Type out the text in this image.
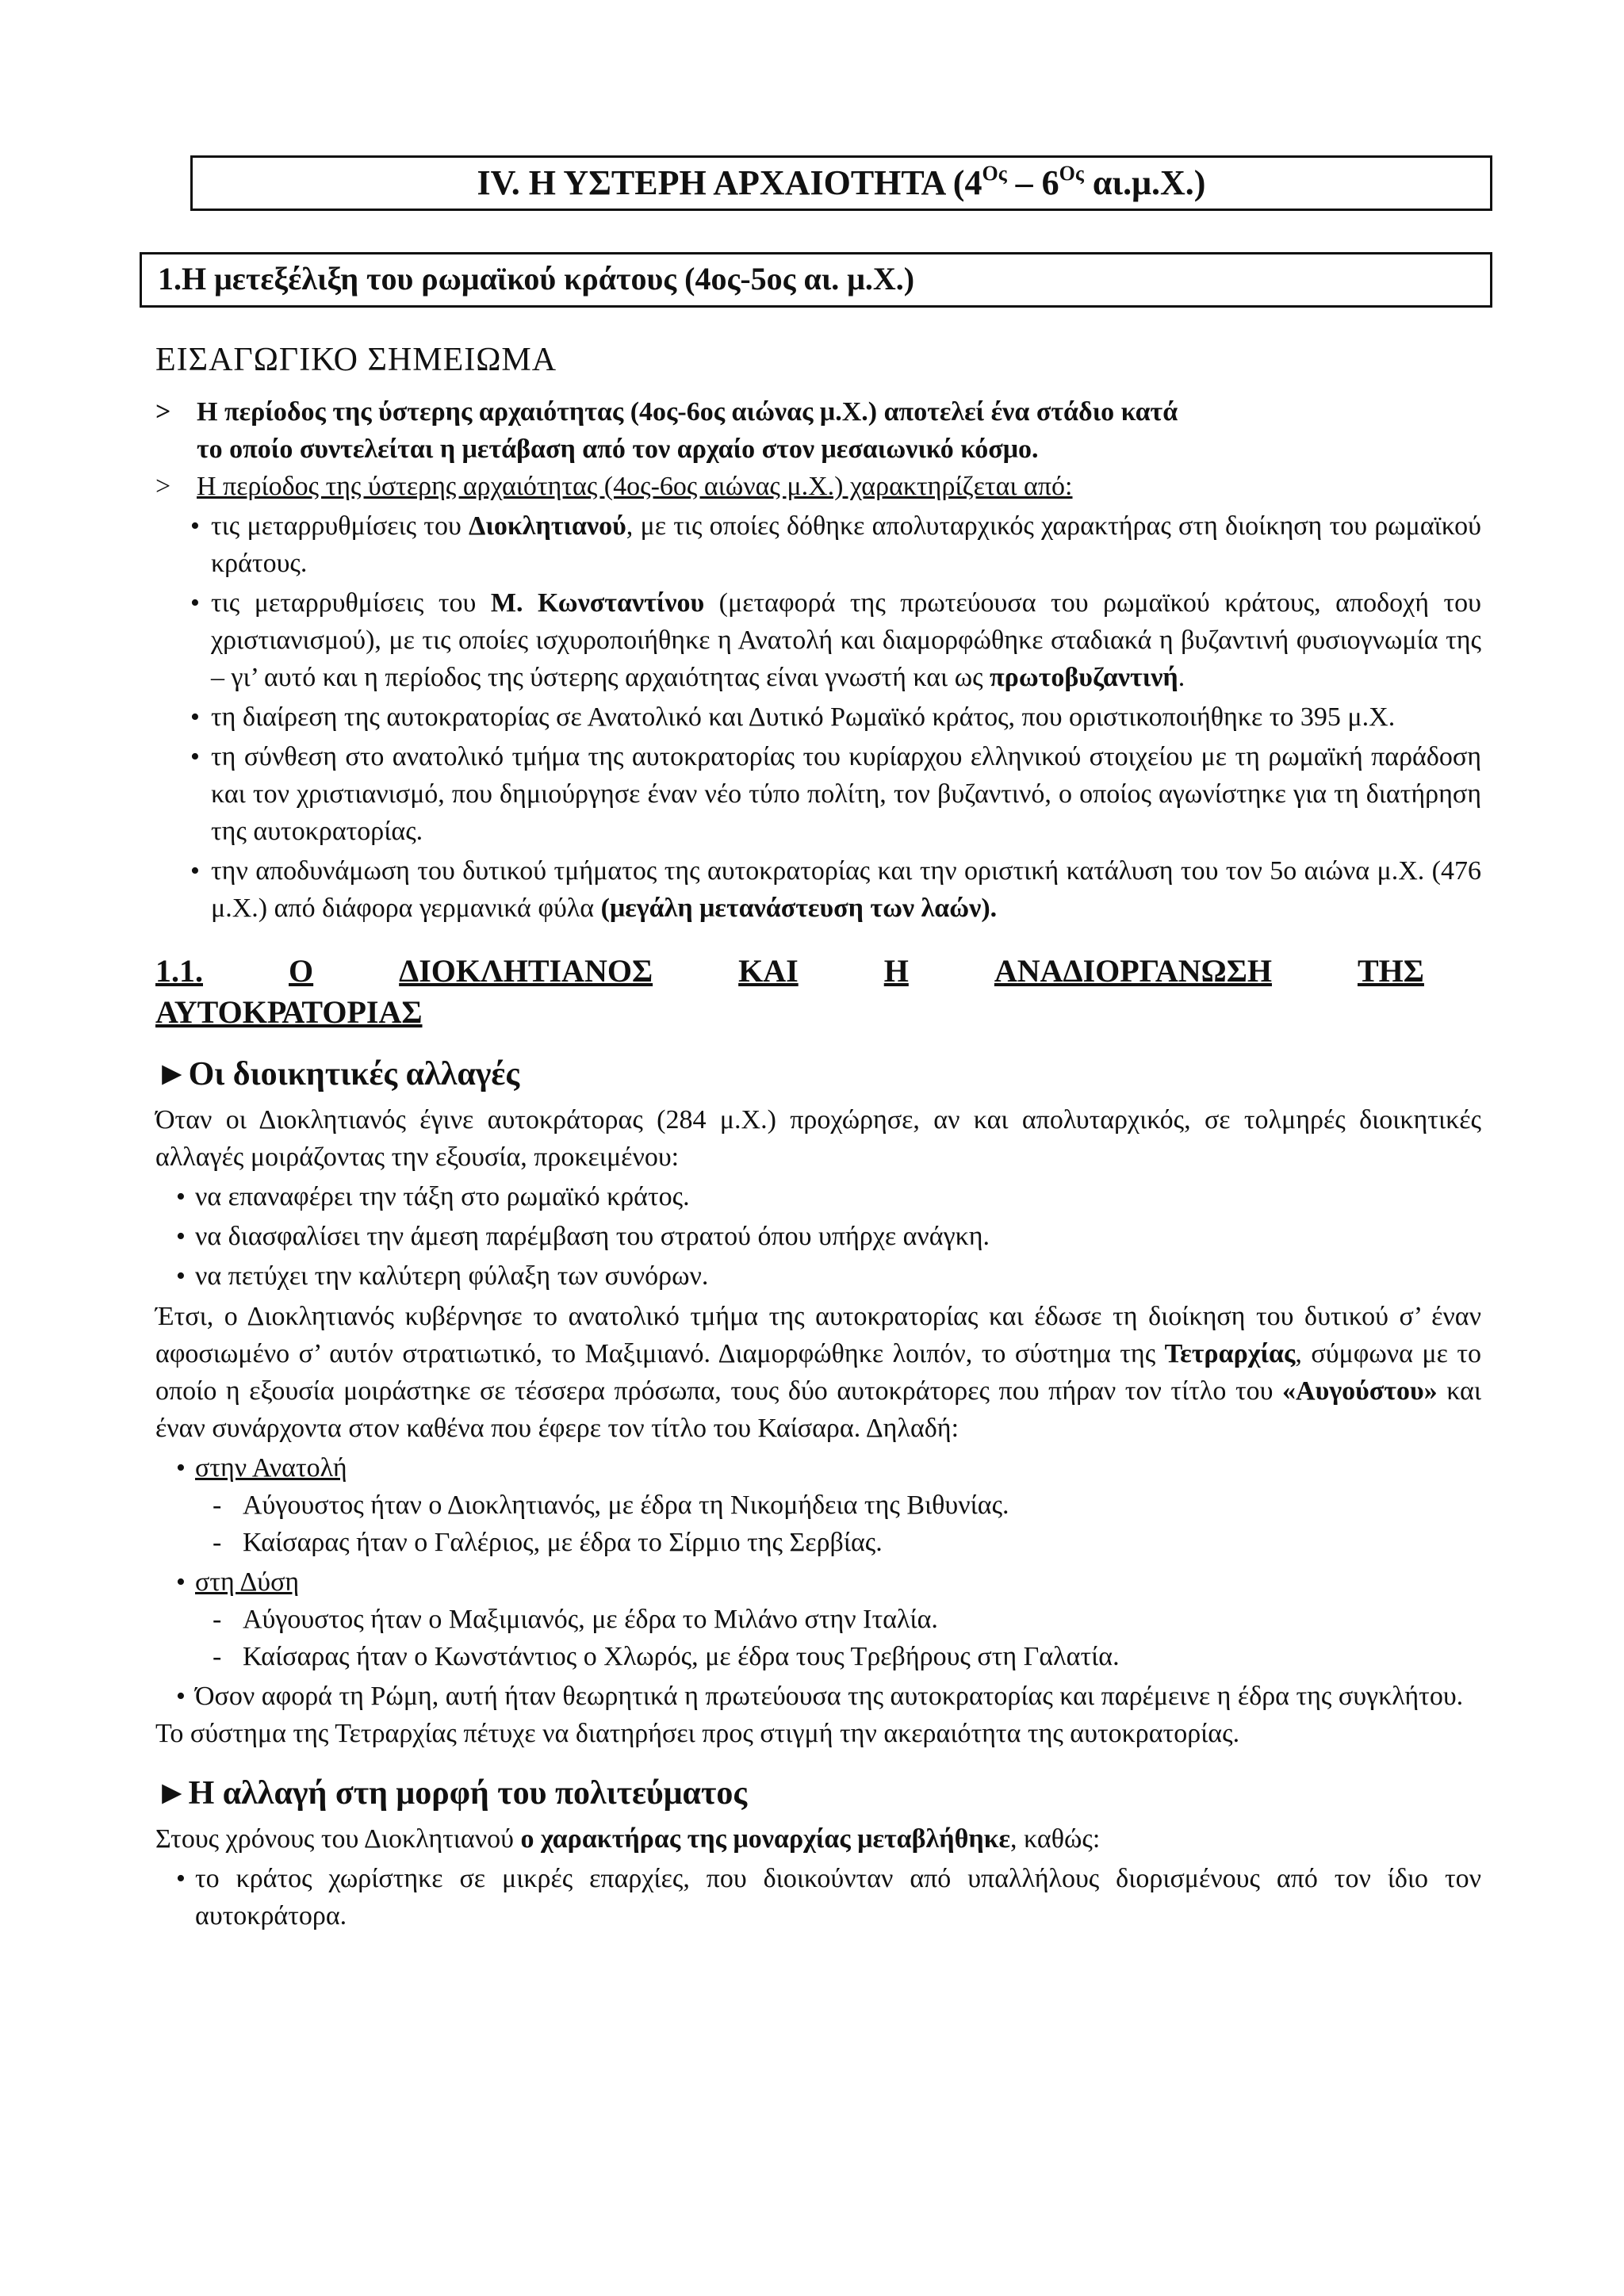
IV. Η ΥΣΤΕΡΗ ΑΡΧΑΙΟΤΗΤΑ ($4^{O\varsigma} - 6^{O\varsigma}$ αι.μ.Χ.)
1.Η μετεξέλιξη του ρωμαϊκού κράτους (4ος-5ος αι. μ.Χ.)
ΕΙΣΑΓΩΓΙΚΟ ΣΗΜΕΙΩΜΑ
> Η περίοδος της ύστερης αρχαιότητας (4ος-6ος αιώνας μ.Χ.) αποτελεί ένα στάδιο κατά
το οποίο συντελείται η μετάβαση από τον αρχαίο στον μεσαιωνικό κόσμο.
> Η περίοδος της ύστερης αρχαιότητας (4ος-6ος αιώνας μ.Χ.) χαρακτηρίζεται από:
• τις μεταρρυθμίσεις του Διοκλητιανού, με τις οποίες δόθηκε απολυταρχικός χαρακτήρας στη διοίκηση του ρωμαϊκού κράτους.
• τις μεταρρυθμίσεις του Μ. Κωνσταντίνου (μεταφορά της πρωτεύουσα του ρωμαϊκού κράτους, αποδοχή του χριστιανισμού), με τις οποίες ισχυροποιήθηκε η Ανατολή και διαμορφώθηκε σταδιακά η βυζαντινή φυσιογνωμία της – γι’ αυτό και η περίοδος της ύστερης αρχαιότητας είναι γνωστή και ως πρωτοβυζαντινή.
• τη διαίρεση της αυτοκρατορίας σε Ανατολικό και Δυτικό Ρωμαϊκό κράτος, που οριστικοποιήθηκε το 395 μ.Χ.
• τη σύνθεση στο ανατολικό τμήμα της αυτοκρατορίας του κυρίαρχου ελληνικού στοιχείου με τη ρωμαϊκή παράδοση και τον χριστιανισμό, που δημιούργησε έναν νέο τύπο πολίτη, τον βυζαντινό, ο οποίος αγωνίστηκε για τη διατήρηση της αυτοκρατορίας.
• την αποδυνάμωση του δυτικού τμήματος της αυτοκρατορίας και την οριστική κατάλυση του τον 5ο αιώνα μ.Χ. (476 μ.Χ.) από διάφορα γερμανικά φύλα (μεγάλη μετανάστευση των λαών).
1.1.	Ο	ΔΙΟΚΛΗΤΙΑΝΟΣ	ΚΑΙ	Η	ΑΝΑΔΙΟΡΓΑΝΩΣΗ	ΤΗΣ
ΑΥΤΟΚΡΑΤΟΡΙΑΣ
►Οι διοικητικές αλλαγές
Όταν οι Διοκλητιανός έγινε αυτοκράτορας (284 μ.Χ.) προχώρησε, αν και απολυταρχικός, σε τολμηρές διοικητικές αλλαγές μοιράζοντας την εξουσία, προκειμένου:
• να επαναφέρει την τάξη στο ρωμαϊκό κράτος.
• να διασφαλίσει την άμεση παρέμβαση του στρατού όπου υπήρχε ανάγκη.
• να πετύχει την καλύτερη φύλαξη των συνόρων.
Έτσι, ο Διοκλητιανός κυβέρνησε το ανατολικό τμήμα της αυτοκρατορίας και έδωσε τη διοίκηση του δυτικού σ’ έναν αφοσιωμένο σ’ αυτόν στρατιωτικό, το Μαξιμιανό. Διαμορφώθηκε λοιπόν, το σύστημα της Τετραρχίας, σύμφωνα με το οποίο η εξουσία μοιράστηκε σε τέσσερα πρόσωπα, τους δύο αυτοκράτορες που πήραν τον τίτλο του «Αυγούστου» και έναν συνάρχοντα στον καθένα που έφερε τον τίτλο του Καίσαρα. Δηλαδή:
• στην Ανατολή
- Αύγουστος ήταν ο Διοκλητιανός, με έδρα τη Νικομήδεια της Βιθυνίας.
- Καίσαρας ήταν ο Γαλέριος, με έδρα το Σίρμιο της Σερβίας.
• στη Δύση
- Αύγουστος ήταν ο Μαξιμιανός, με έδρα το Μιλάνο στην Ιταλία.
- Καίσαρας ήταν ο Κωνστάντιος ο Χλωρός, με έδρα τους Τρεβήρους στη Γαλατία.
• Όσον αφορά τη Ρώμη, αυτή ήταν θεωρητικά η πρωτεύουσα της αυτοκρατορίας και παρέμεινε η έδρα της συγκλήτου.
Το σύστημα της Τετραρχίας πέτυχε να διατηρήσει προς στιγμή την ακεραιότητα της αυτοκρατορίας.
►Η αλλαγή στη μορφή του πολιτεύματος
Στους χρόνους του Διοκλητιανού ο χαρακτήρας της μοναρχίας μεταβλήθηκε, καθώς:
• το κράτος χωρίστηκε σε μικρές επαρχίες, που διοικούνταν από υπαλλήλους διορισμένους από τον ίδιο τον αυτοκράτορα.
